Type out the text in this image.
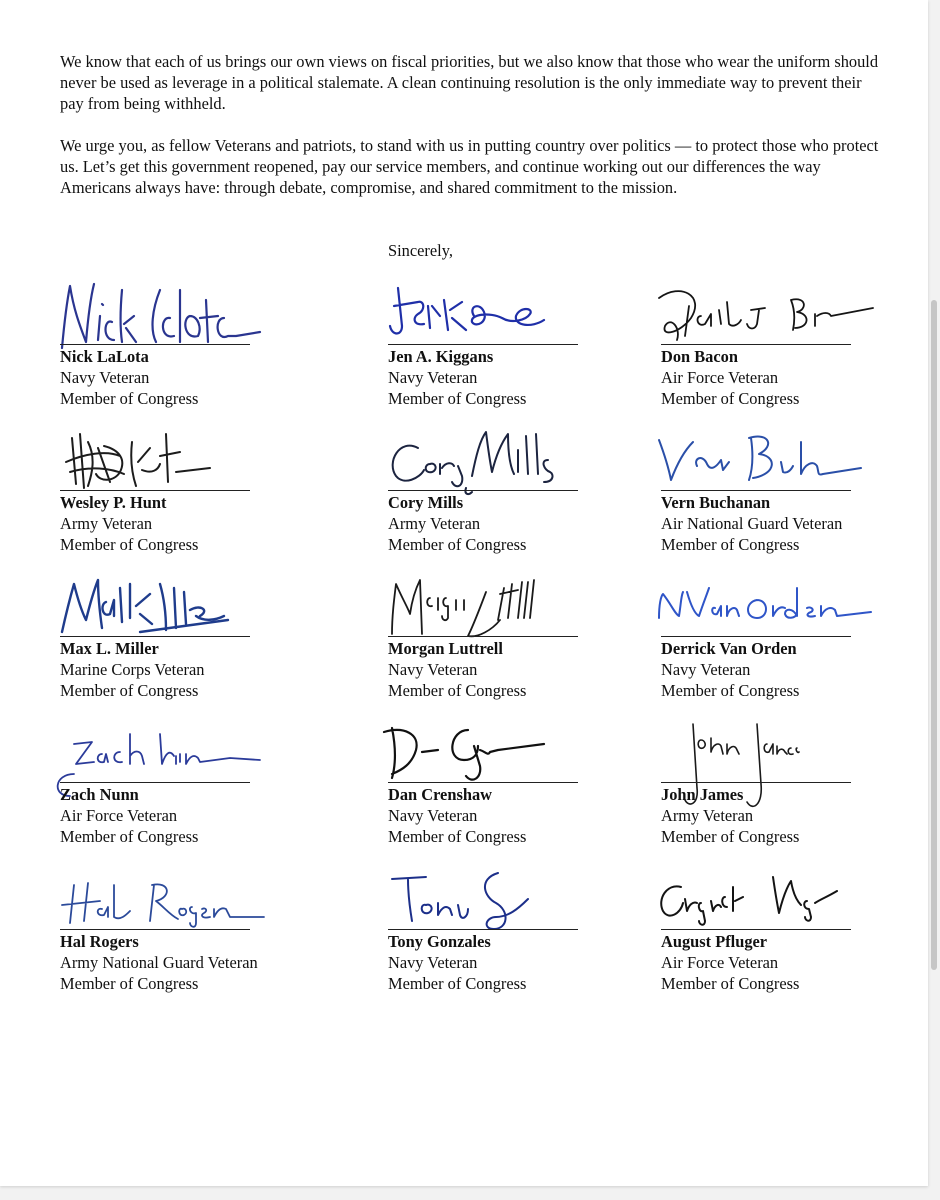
We know that each of us brings our own views on fiscal priorities, but we also know that those who wear the uniform should never be used as leverage in a political stalemate. A clean continuing resolution is the only immediate way to prevent their pay from being withheld.

We urge you, as fellow Veterans and patriots, to stand with us in putting country over politics — to protect those who protect us. Let’s get this government reopened, pay our service members, and continue working out our differences the way Americans always have: through debate, compromise, and shared commitment to the mission.

Sincerely,
Nick LaLota
Navy Veteran
Member of Congress
Jen A. Kiggans
Navy Veteran
Member of Congress
Don Bacon
Air Force Veteran
Member of Congress
Wesley P. Hunt
Army Veteran
Member of Congress
Cory Mills
Army Veteran
Member of Congress
Vern Buchanan
Air National Guard Veteran
Member of Congress
Max L. Miller
Marine Corps Veteran
Member of Congress
Morgan Luttrell
Navy Veteran
Member of Congress
Derrick Van Orden
Navy Veteran
Member of Congress
Zach Nunn
Air Force Veteran
Member of Congress
Dan Crenshaw
Navy Veteran
Member of Congress
John James
Army Veteran
Member of Congress
Hal Rogers
Army National Guard Veteran
Member of Congress
Tony Gonzales
Navy Veteran
Member of Congress
August Pfluger
Air Force Veteran
Member of Congress
